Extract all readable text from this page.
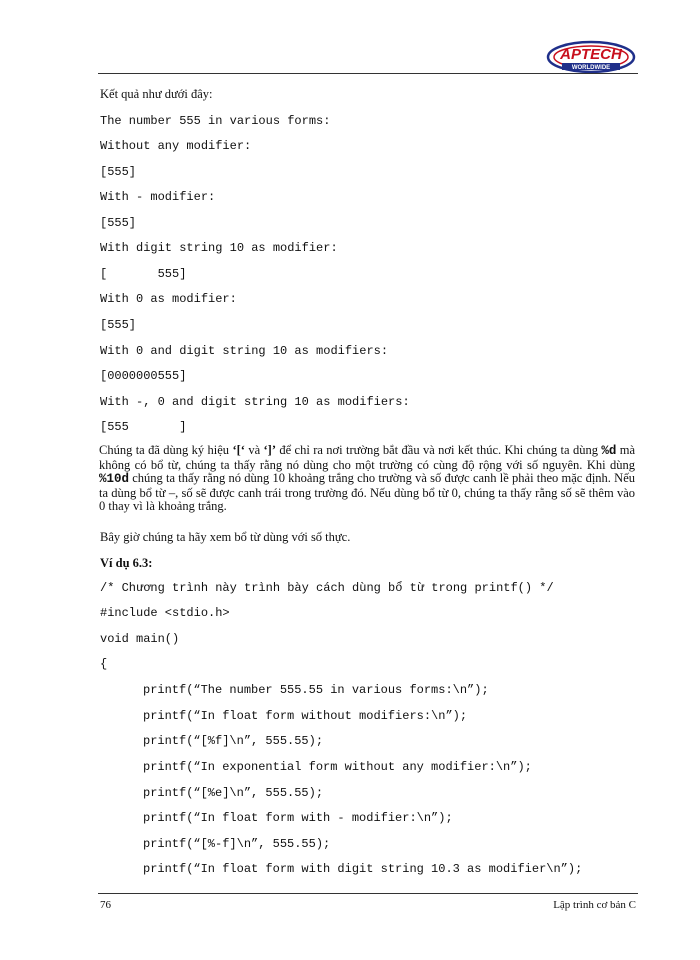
APTECH
WORLDWIDE
Kết quả như dưới đây:
The number 555 in various forms:
Without any modifier:
[555]
With - modifier:
[555]
With digit string 10 as modifier:
[       555]
With 0 as modifier:
[555]
With 0 and digit string 10 as modifiers:
[0000000555]
With -, 0 and digit string 10 as modifiers:
[555       ]
Chúng ta đã dùng ký hiệu ‘[‘ và ‘]’ để chỉ ra nơi trường bắt đầu và nơi kết thúc. Khi chúng ta dùng %d mà không có bổ từ, chúng ta thấy rằng nó dùng cho một trường có cùng độ rộng với số nguyên. Khi dùng %10d chúng ta thấy rằng nó dùng 10 khoảng trắng cho trường và số được canh lề phải theo mặc định. Nếu ta dùng bổ từ –, số sẽ được canh trái trong trường đó. Nếu dùng bổ từ 0, chúng ta thấy rằng số sẽ thêm vào 0 thay vì là khoảng trắng.
Bây giờ chúng ta hãy xem bổ từ dùng với số thực.
Ví dụ 6.3:
/* Chương trình này trình bày cách dùng bổ từ trong printf() */
#include <stdio.h>
void main()
{
printf(“The number 555.55 in various forms:\n”);
printf(“In float form without modifiers:\n”);
printf(“[%f]\n”, 555.55);
printf(“In exponential form without any modifier:\n”);
printf(“[%e]\n”, 555.55);
printf(“In float form with - modifier:\n”);
printf(“[%-f]\n”, 555.55);
printf(“In float form with digit string 10.3 as modifier\n”);
76	Lập trình cơ bản C
